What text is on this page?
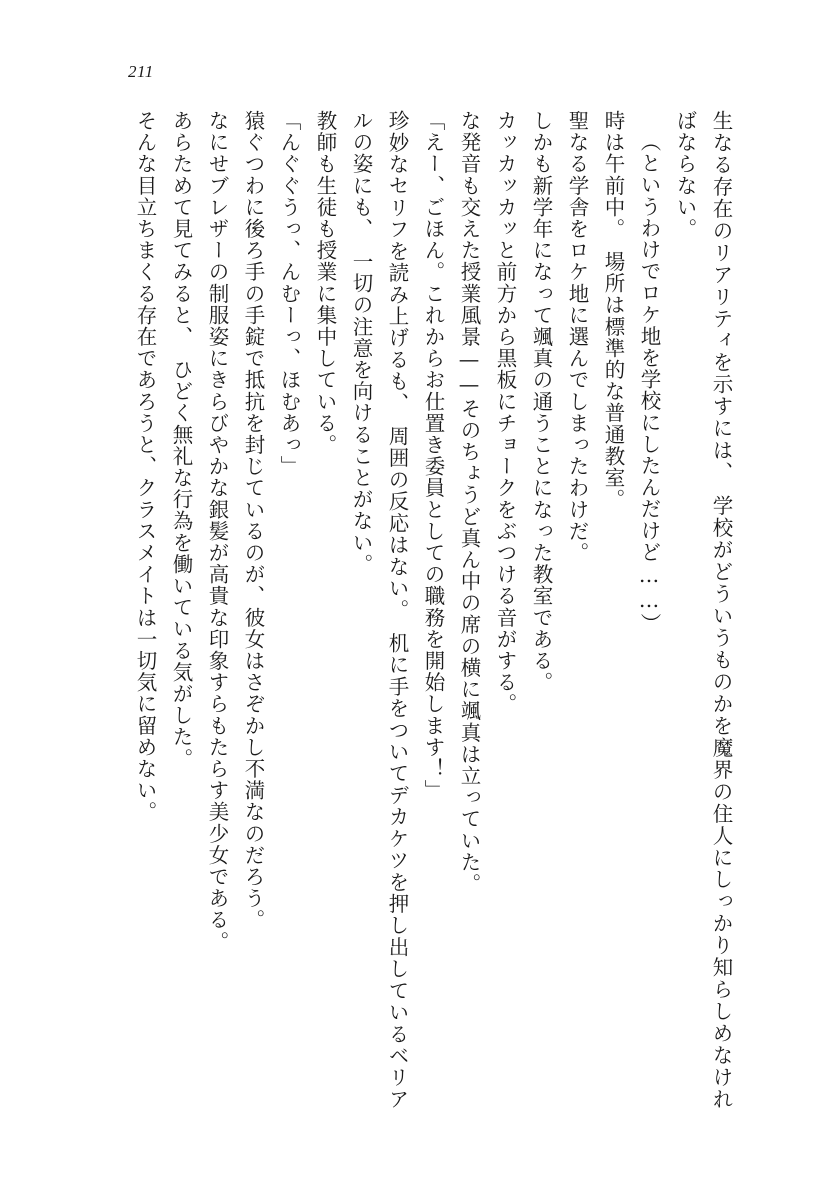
211

生なる存在のリアリティを示すには、　学校がどういうものかを魔界の住人にしっかり知らしめなければならない。

（というわけでロケ地を学校にしたんだけど……）

時は午前中。　場所は標準的な普通教室。

聖なる学舎をロケ地に選んでしまったわけだ。

しかも新学年になって颯真の通うことになった教室である。

カッカッカッと前方から黒板にチョークをぶつける音がする。

な発音も交えた授業風景——そのちょうど真ん中の席の横に颯真は立っていた。

「えー、ごほん。これからお仕置き委員としての職務を開始します！」

珍妙なセリフを読み上げるも、　周囲の反応はない。　机に手をついてデカケツを押し出しているベリアルの姿にも、　一切の注意を向けることがない。

教師も生徒も授業に集中している。

「んぐぐうっ、んむーっ、ほむあっ」

猿ぐつわに後ろ手の手錠で抵抗を封じているのが、彼女はさぞかし不満なのだろう。

なにせブレザーの制服姿にきらびやかな銀髪が高貴な印象すらもたらす美少女である。

あらためて見てみると、　ひどく無礼な行為を働いている気がした。

そんな目立ちまくる存在であろうと、クラスメイトは一切気に留めない。
